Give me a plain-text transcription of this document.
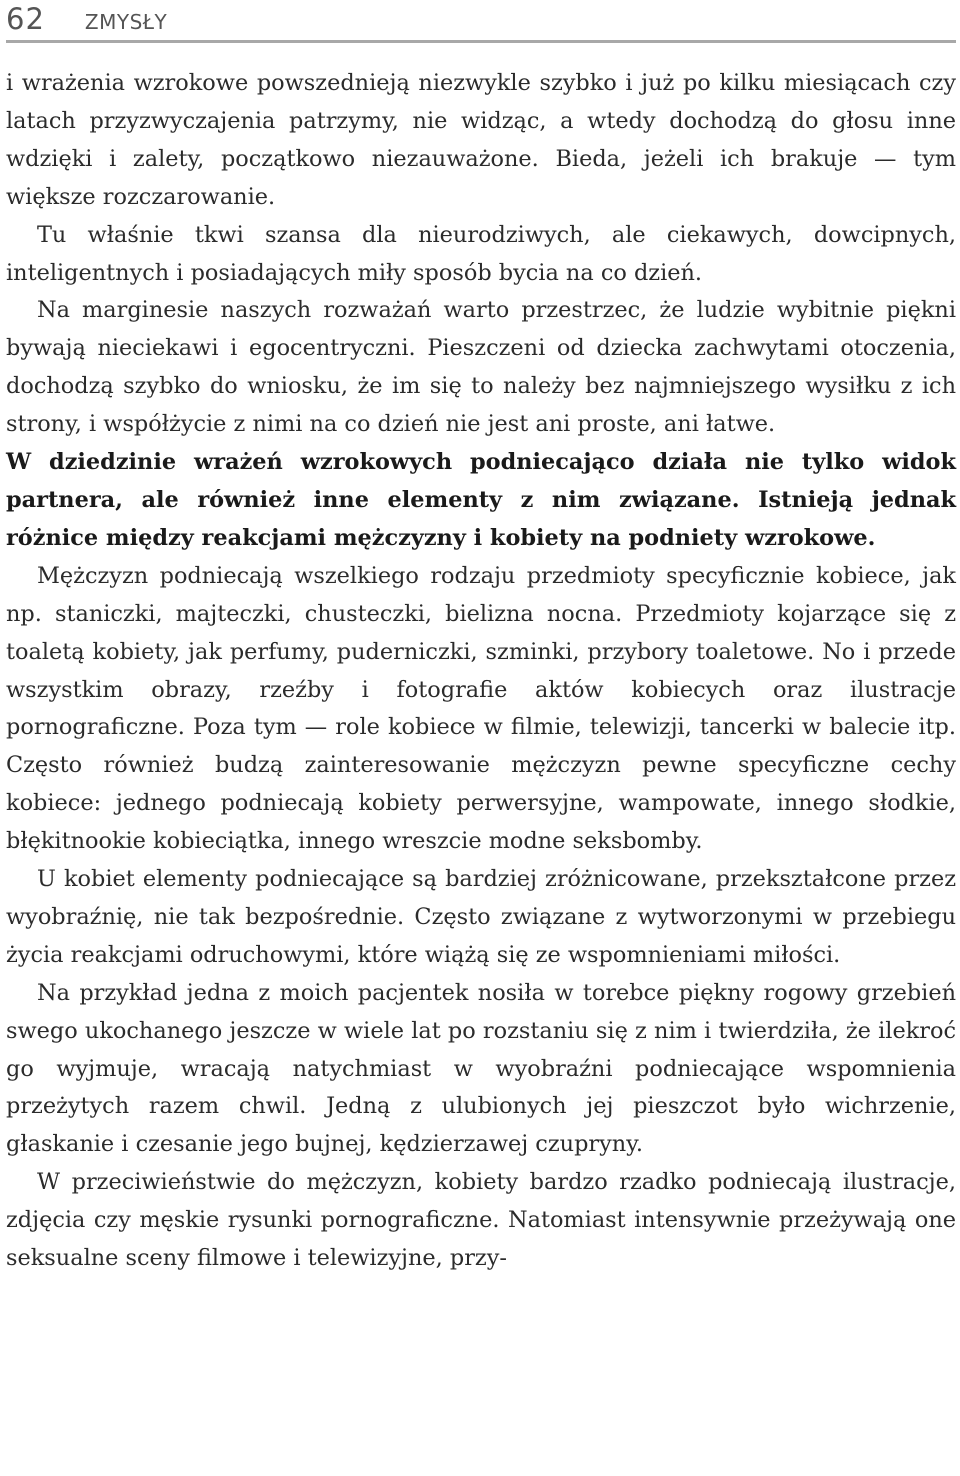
62 ZMYSŁY

i wrażenia wzrokowe powszednieją niezwykle szybko i już po kilku miesiącach czy latach przyzwyczajenia patrzymy, nie widząc, a wtedy dochodzą do głosu inne wdzięki i zalety, początkowo niezauważone. Bieda, jeżeli ich brakuje — tym większe rozczarowanie.

Tu właśnie tkwi szansa dla nieurodziwych, ale ciekawych, dowcipnych, inteligentnych i posiadających miły sposób bycia na co dzień.

Na marginesie naszych rozważań warto przestrzec, że ludzie wybitnie piękni bywają nieciekawi i egocentryczni. Pieszczeni od dziecka zachwytami otoczenia, dochodzą szybko do wniosku, że im się to należy bez najmniejszego wysiłku z ich strony, i współżycie z nimi na co dzień nie jest ani proste, ani łatwe.

W dziedzinie wrażeń wzrokowych podniecająco działa nie tylko widok partnera, ale również inne elementy z nim związane. Istnieją jednak różnice między reakcjami mężczyzny i kobiety na podniety wzrokowe.

Mężczyzn podniecają wszelkiego rodzaju przedmioty specyficznie kobiece, jak np. staniczki, majteczki, chusteczki, bielizna nocna. Przedmioty kojarzące się z toaletą kobiety, jak perfumy, puderniczki, szminki, przybory toaletowe. No i przede wszystkim obrazy, rzeźby i fotografie aktów kobiecych oraz ilustracje pornograficzne. Poza tym — role kobiece w filmie, telewizji, tancerki w balecie itp. Często również budzą zainteresowanie mężczyzn pewne specyficzne cechy kobiece: jednego podniecają kobiety perwersyjne, wampowate, innego słodkie, błękitnookie kobieciątka, innego wreszcie modne seksbomby.

U kobiet elementy podniecające są bardziej zróżnicowane, przekształcone przez wyobraźnię, nie tak bezpośrednie. Często związane z wytworzonymi w przebiegu życia reakcjami odruchowymi, które wiążą się ze wspomnieniami miłości.

Na przykład jedna z moich pacjentek nosiła w torebce piękny rogowy grzebień swego ukochanego jeszcze w wiele lat po rozstaniu się z nim i twierdziła, że ilekroć go wyjmuje, wracają natychmiast w wyobraźni podniecające wspomnienia przeżytych razem chwil. Jedną z ulubionych jej pieszczot było wichrzenie, głaskanie i czesanie jego bujnej, kędzierzawej czupryny.

W przeciwieństwie do mężczyzn, kobiety bardzo rzadko podniecają ilustracje, zdjęcia czy męskie rysunki pornograficzne. Natomiast intensywnie przeżywają one seksualne sceny filmowe i telewizyjne, przy-
